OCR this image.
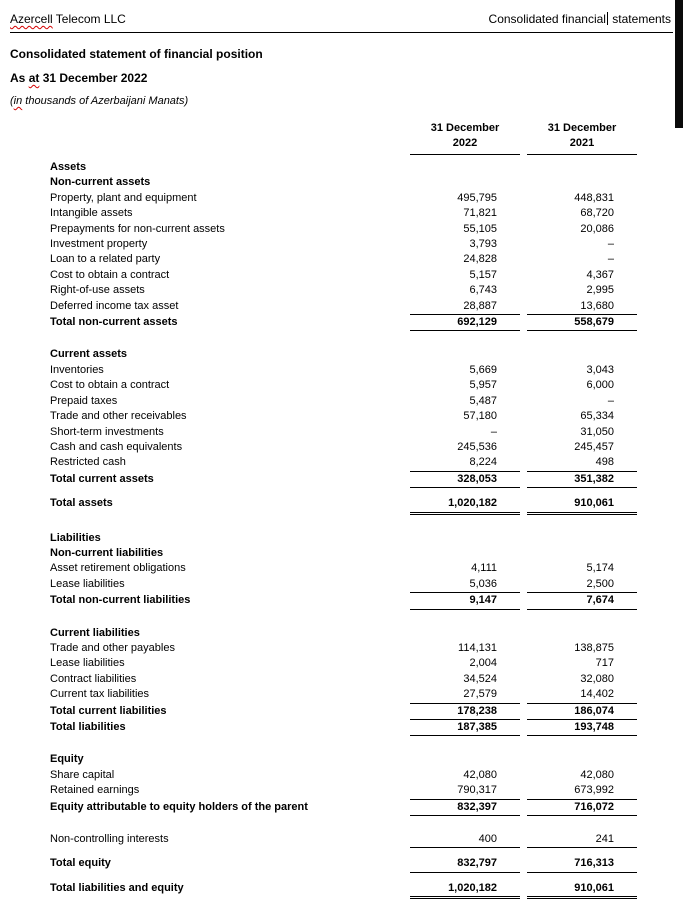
Azercell Telecom LLC	Consolidated financial statements
Consolidated statement of financial position
As at 31 December 2022
(in thousands of Azerbaijani Manats)
31 December
2022
31 December
2021
Assets
Non-current assets
Property, plant and equipment	495,795	448,831
Intangible assets	71,821	68,720
Prepayments for non-current assets	55,105	20,086
Investment property	3,793	–
Loan to a related party	24,828	–
Cost to obtain a contract	5,157	4,367
Right-of-use assets	6,743	2,995
Deferred income tax asset	28,887	13,680
Total non-current assets	692,129	558,679
Current assets
Inventories	5,669	3,043
Cost to obtain a contract	5,957	6,000
Prepaid taxes	5,487	–
Trade and other receivables	57,180	65,334
Short-term investments	–	31,050
Cash and cash equivalents	245,536	245,457
Restricted cash	8,224	498
Total current assets	328,053	351,382
Total assets	1,020,182	910,061
Liabilities
Non-current liabilities
Asset retirement obligations	4,111	5,174
Lease liabilities	5,036	2,500
Total non-current liabilities	9,147	7,674
Current liabilities
Trade and other payables	114,131	138,875
Lease liabilities	2,004	717
Contract liabilities	34,524	32,080
Current tax liabilities	27,579	14,402
Total current liabilities	178,238	186,074
Total liabilities	187,385	193,748
Equity
Share capital	42,080	42,080
Retained earnings	790,317	673,992
Equity attributable to equity holders of the parent	832,397	716,072
Non-controlling interests	400	241
Total equity	832,797	716,313
Total liabilities and equity	1,020,182	910,061
